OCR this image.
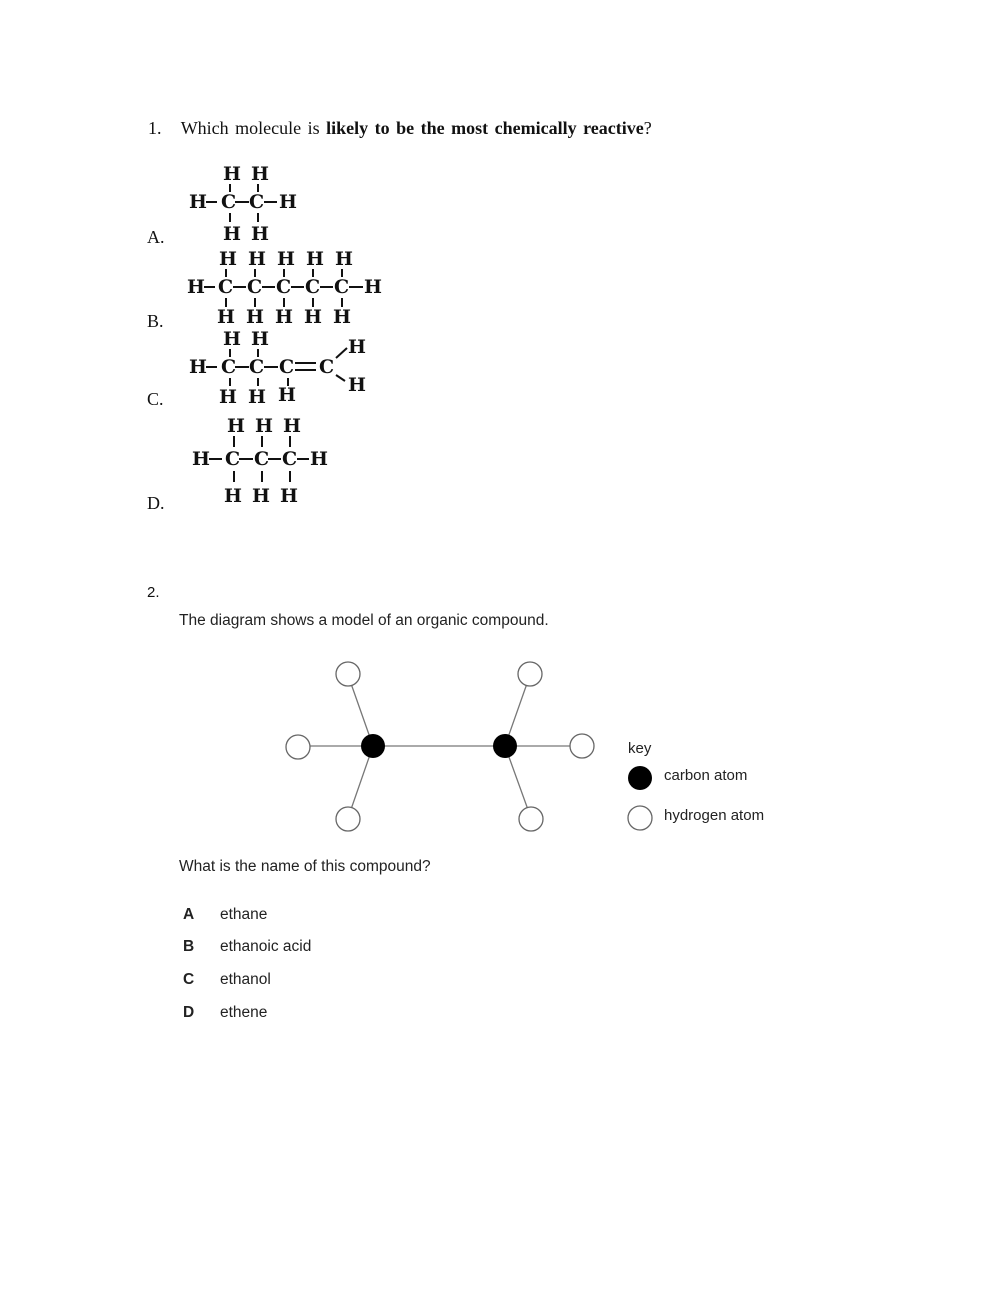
1. Which molecule is likely to be the most chemically reactive?
A.
H H
H C C H
H H
B.
H H H H H
H C C C C C H
H H H H H
C.
H H
H C C C C
H
H
H H H
D.
H H H
H C C C H
H H H
2.
The diagram shows a model of an organic compound.
key
carbon atom
hydrogen atom
What is the name of this compound?
A ethane
B ethanoic acid
C ethanol
D ethene
